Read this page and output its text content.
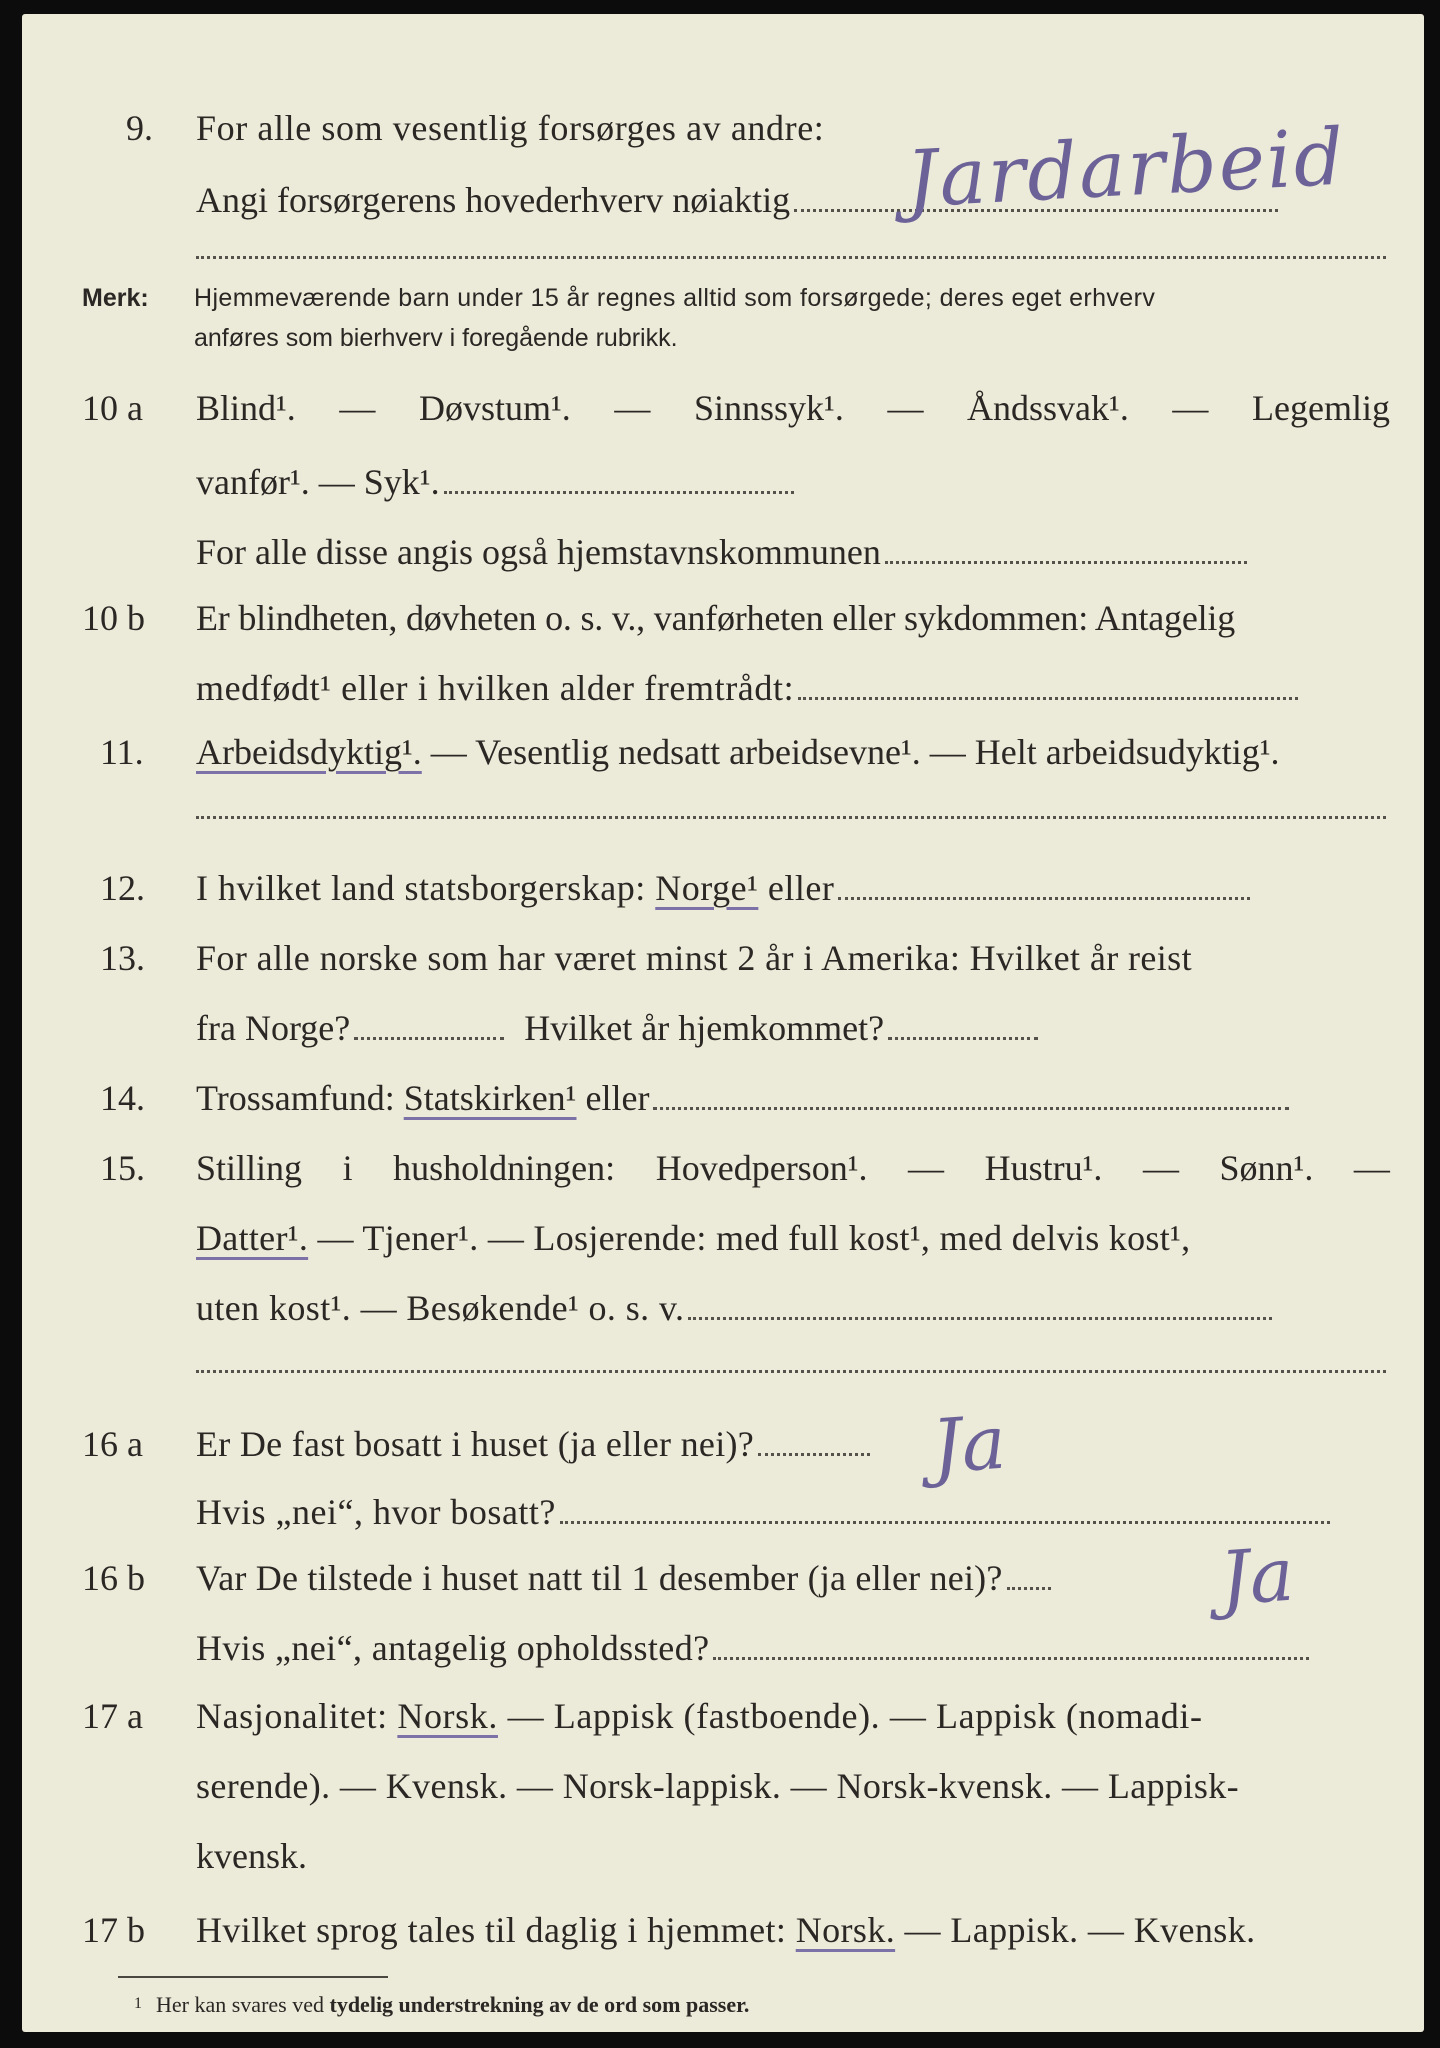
9. For alle som vesentlig forsørges av andre:
Angi forsørgerens hovederhverv nøiaktig	Jardarbeid
Merk:	Hjemmeværende barn under 15 år regnes alltid som forsørgede; deres eget erhverv
anføres som bierhverv i foregående rubrikk.
10 a Blind¹. — Døvstum¹. — Sinnssyk¹. — Åndssvak¹. — Legemlig
vanfør¹. — Syk¹.
For alle disse angis også hjemstavnskommunen
10 b Er blindheten, døvheten o. s. v., vanførheten eller sykdommen: Antagelig
medfødt¹ eller i hvilken alder fremtrådt:
11. Arbeidsdyktig¹. — Vesentlig nedsatt arbeidsevne¹. — Helt arbeidsudyktig¹.
12. I hvilket land statsborgerskap: Norge¹ eller
13. For alle norske som har været minst 2 år i Amerika: Hvilket år reist
fra Norge?	Hvilket år hjemkommet?
14. Trossamfund: Statskirken¹ eller
15. Stilling i husholdningen: Hovedperson¹. — Hustru¹. — Sønn¹. —
Datter¹. — Tjener¹. — Losjerende: med full kost¹, med delvis kost¹,
uten kost¹. — Besøkende¹ o. s. v.
16 a Er De fast bosatt i huset (ja eller nei)?	Ja
Hvis „nei“, hvor bosatt?
16 b Var De tilstede i huset natt til 1 desember (ja eller nei)?	Ja
Hvis „nei“, antagelig opholdssted?
17 a Nasjonalitet: Norsk. — Lappisk (fastboende). — Lappisk (nomadi-
serende). — Kvensk. — Norsk-lappisk. — Norsk-kvensk. — Lappisk-
kvensk.
17 b Hvilket sprog tales til daglig i hjemmet: Norsk. — Lappisk. — Kvensk.
1 Her kan svares ved tydelig understrekning av de ord som passer.
